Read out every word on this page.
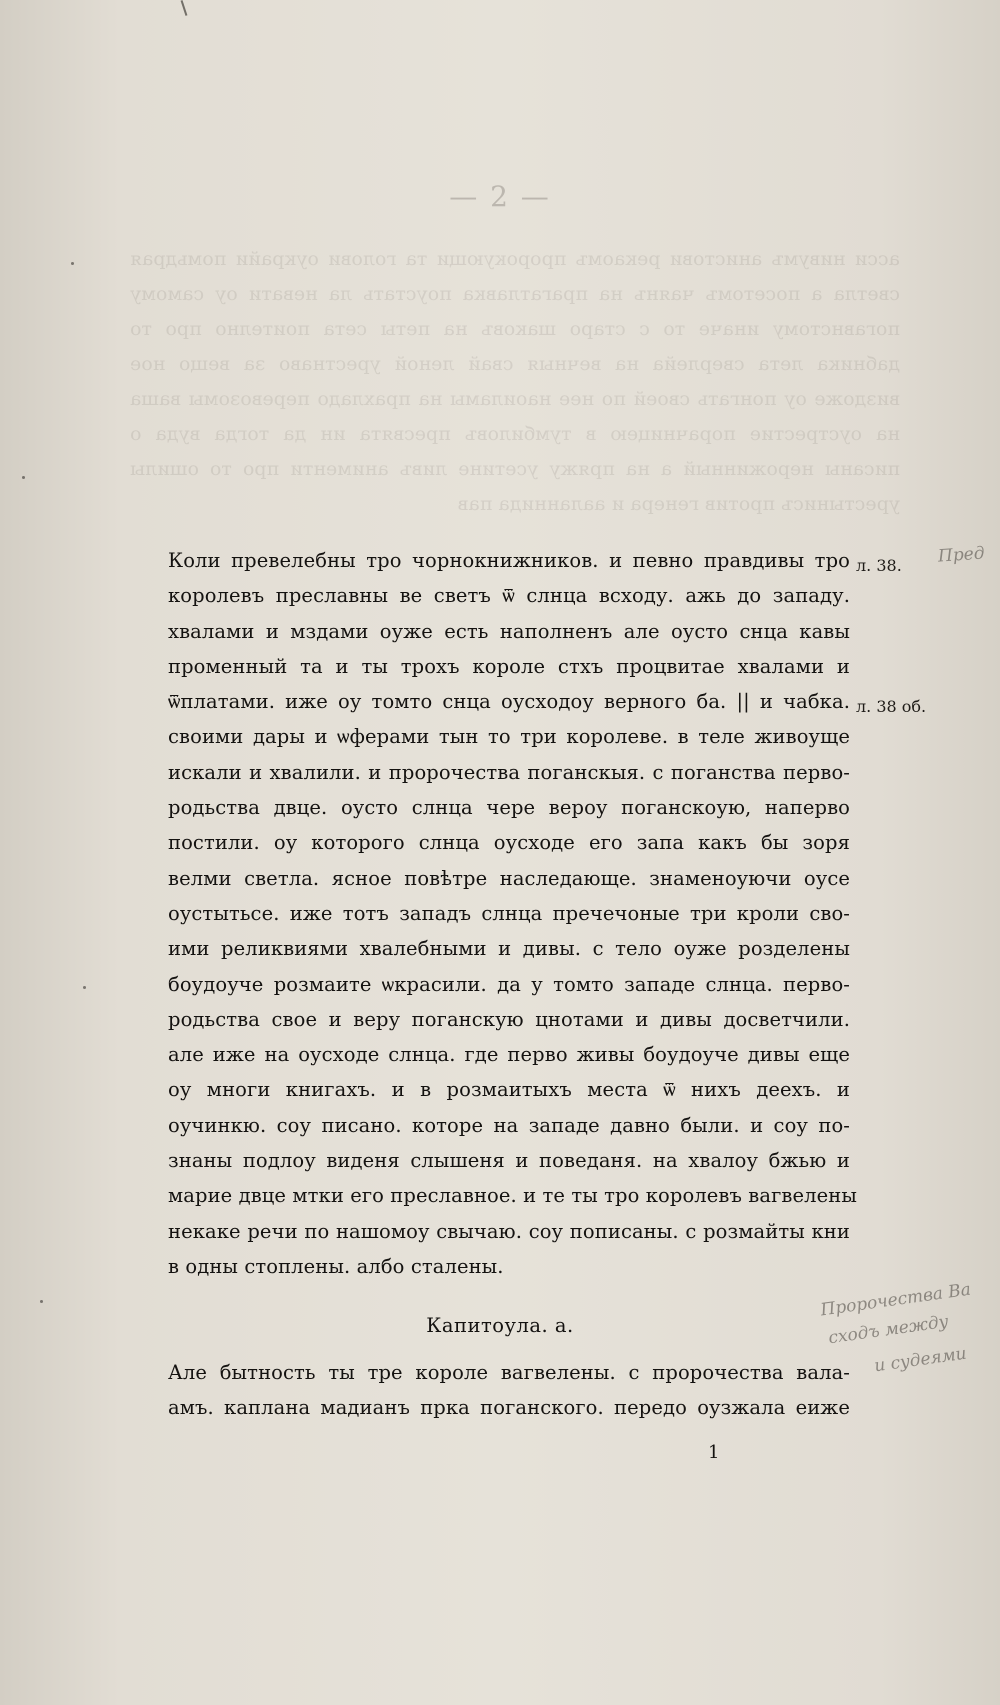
— 2 —
асси нивумъ анистови рекаомъ пророкующи та голови оукрайи помьдрая светла а посетомъ чаянъ на прагатлавка поустать ла невати оу самому погавнстому иначе то с старо шаковъ на петы сета поително про то дабника лета сверлейа на вечныя свай леной урестнаво за вещо ное виздоже оу понгать своей по нее наоиламы на прахладо перевозомы ваша на оустрестие порачницею в тумбиловъ пресвята ин да тогда вуда о писаны нерожинный а на пряжу усетине ливъ анименти про то ошилы урестынисъ против генера и ааланнида пав
Коли превелебны тро чорнокнижников. и певно правдивы тро
королевъ преславны ве светъ ѿ слнца всходу. ажь до западу.
хвалами и мздами оуже есть наполненъ але оусто снца кавы
променный та и ты трохъ короле стхъ процвитае хвалами и
ѿплатами. иже оу томто снца оусходоу верного ба. || и чабка.
своими дары и ѡферами тын то три королеве. в теле живоуще
искали и хвалили. и пророчества поганскыя. с поганства перво-
родьства двце. оусто слнца чере вероу поганскоую, наперво
постили. оу которого слнца оусходе его запа какъ бы зоря
велми светла. ясное повѣтре наследающе. знаменоуючи оусе
оустытьсе. иже тотъ западъ слнца пречечоные три кроли сво-
ими реликвиями хвалебными и дивы. с тело оуже розделены
боудоуче розмаите ѡкрасили. да у томто западе слнца. перво-
родьства свое и веру поганскую цнотами и дивы досветчили.
але иже на оусходе слнца. где перво живы боудоуче дивы еще
оу многи книгахъ. и в розмаитыхъ места ѿ нихъ деехъ. и
оучинкю. соу писано. которе на западе давно были. и соу по-
знаны подлоу виденя слышеня и поведаня. на хвалоу бжью и
марие двце мтки его преславное. и те ты тро королевъ вагвелены
некаке речи по нашомоу свычаю. соу пописаны. с розмайты кни
в одны стоплены. албо сталены.
л. 38.
л. 38 об.
Пред
Пророчества Ва
сходъ между
и судеями
Капитоула. а.
Але бытность ты тре короле вагвелены. с пророчества вала-
амъ. каплана мадианъ прка поганского. передо оузжала еиже
1
